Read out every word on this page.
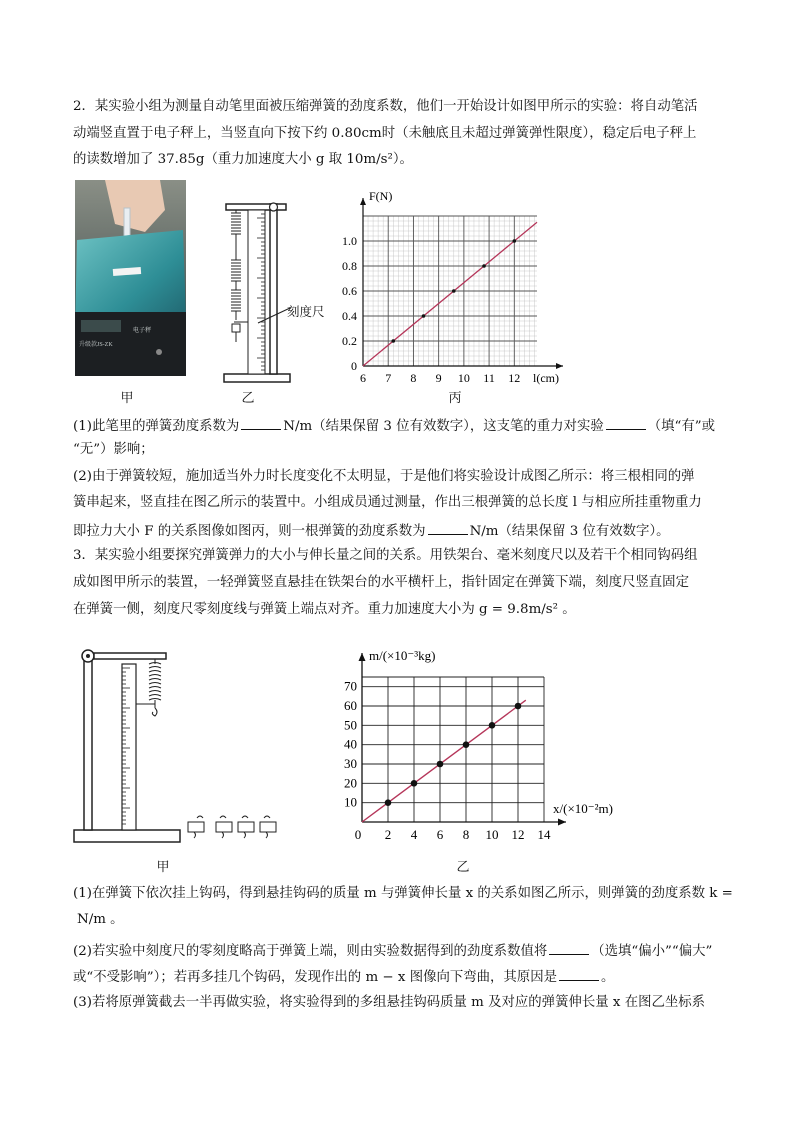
2．某实验小组为测量自动笔里面被压缩弹簧的劲度系数，他们一开始设计如图甲所示的实验：将自动笔活
动端竖直置于电子秤上，当竖直向下按下约 0.80cm时（未触底且未超过弹簧弹性限度），稳定后电子秤上
的读数增加了 37.85g（重力加速度大小 g 取 10m/s²）。
电子秤
升级款JS-ZK
甲
刻度尺
乙
6 7 8 9 10 11 12
0
0.2
0.4
0.6
0.8
1.0
F(N)
l(cm)
丙
(1)此笔里的弹簧劲度系数为	N/m（结果保留 3 位有效数字），这支笔的重力对实验	（填“有”或
“无”）影响；
(2)由于弹簧较短，施加适当外力时长度变化不太明显，于是他们将实验设计成图乙所示：将三根相同的弹
簧串起来，竖直挂在图乙所示的装置中。小组成员通过测量，作出三根弹簧的总长度 l 与相应所挂重物重力
即拉力大小 F 的关系图像如图丙，则一根弹簧的劲度系数为	N/m（结果保留 3 位有效数字）。
3．某实验小组要探究弹簧弹力的大小与伸长量之间的关系。用铁架台、毫米刻度尺以及若干个相同钩码组
成如图甲所示的装置，一轻弹簧竖直悬挂在铁架台的水平横杆上，指针固定在弹簧下端，刻度尺竖直固定
在弹簧一侧，刻度尺零刻度线与弹簧上端点对齐。重力加速度大小为 g = 9.8m/s² 。
甲
0 2 4 6 8 10 12 14
10
20
30
40
50
60
70
m/(×10⁻³kg)
x/(×10⁻²m)
乙
(1)在弹簧下依次挂上钩码，得到悬挂钩码的质量 m 与弹簧伸长量 x 的关系如图乙所示，则弹簧的劲度系数 k =
N/m 。
(2)若实验中刻度尺的零刻度略高于弹簧上端，则由实验数据得到的劲度系数值将	（选填“偏小”“偏大”
或“不受影响”）；若再多挂几个钩码，发现作出的 m − x 图像向下弯曲，其原因是	。
(3)若将原弹簧截去一半再做实验，将实验得到的多组悬挂钩码质量 m 及对应的弹簧伸长量 x 在图乙坐标系
